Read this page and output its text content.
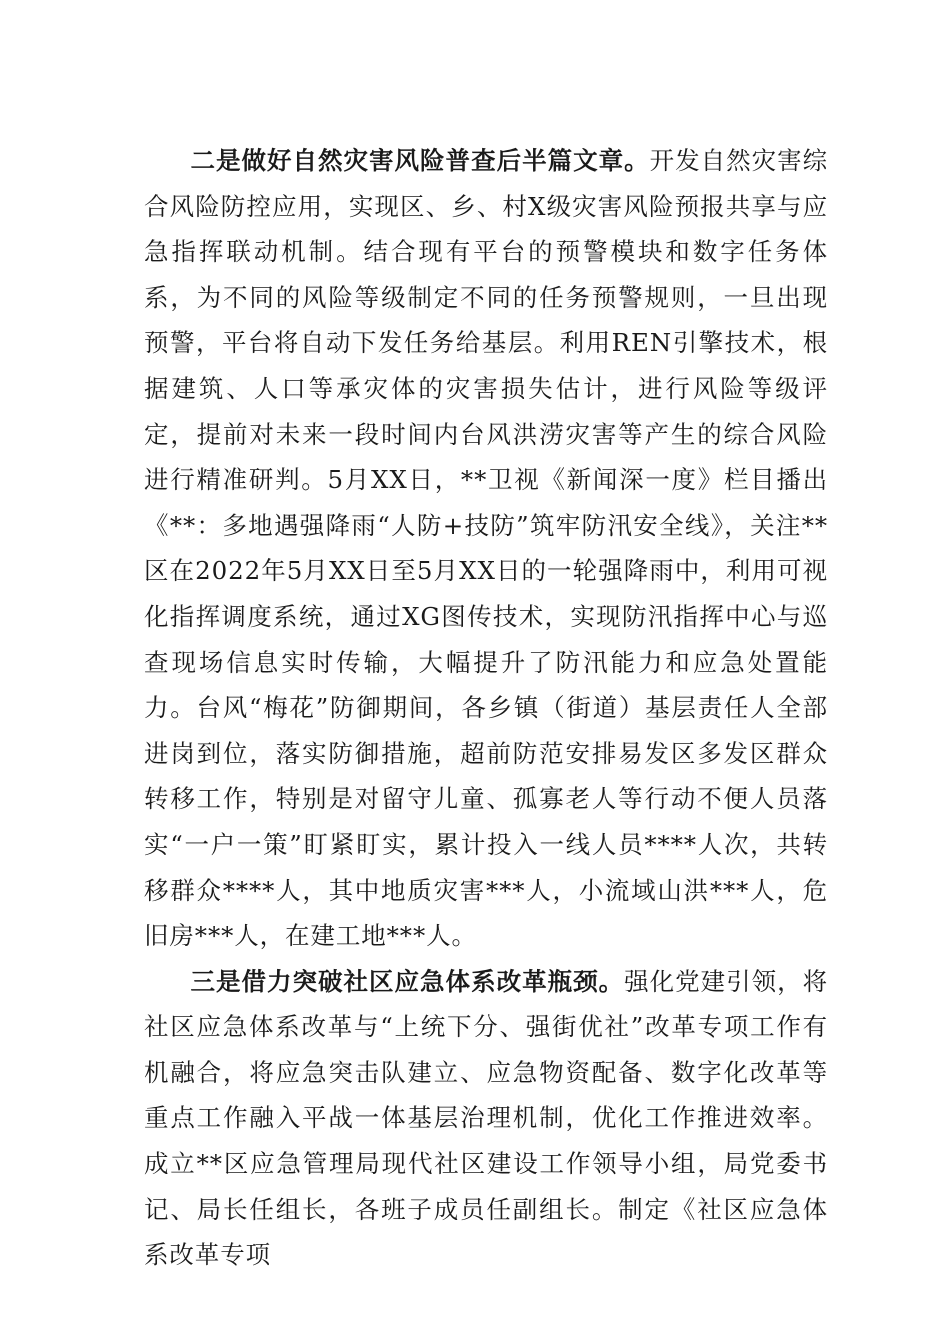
二是做好自然灾害风险普查后半篇文章。开发自然灾害综合风险防控应用，实现区、乡、村X级灾害风险预报共享与应急指挥联动机制。结合现有平台的预警模块和数字任务体系，为不同的风险等级制定不同的任务预警规则，一旦出现预警，平台将自动下发任务给基层。利用REN引擎技术，根据建筑、人口等承灾体的灾害损失估计，进行风险等级评定，提前对未来一段时间内台风洪涝灾害等产生的综合风险进行精准研判。5月XX日，**卫视《新闻深一度》栏目播出《**：多地遇强降雨“人防+技防”筑牢防汛安全线》，关注**区在2022年5月XX日至5月XX日的一轮强降雨中，利用可视化指挥调度系统，通过XG图传技术，实现防汛指挥中心与巡查现场信息实时传输，大幅提升了防汛能力和应急处置能力。台风“梅花”防御期间，各乡镇（街道）基层责任人全部进岗到位，落实防御措施，超前防范安排易发区多发区群众转移工作，特别是对留守儿童、孤寡老人等行动不便人员落实“一户一策”盯紧盯实，累计投入一线人员****人次，共转移群众****人，其中地质灾害***人，小流域山洪***人，危旧房***人，在建工地***人。

三是借力突破社区应急体系改革瓶颈。强化党建引领，将社区应急体系改革与“上统下分、强街优社”改革专项工作有机融合，将应急突击队建立、应急物资配备、数字化改革等重点工作融入平战一体基层治理机制，优化工作推进效率。成立**区应急管理局现代社区建设工作领导小组，局党委书记、局长任组长，各班子成员任副组长。制定《社区应急体系改革专项
